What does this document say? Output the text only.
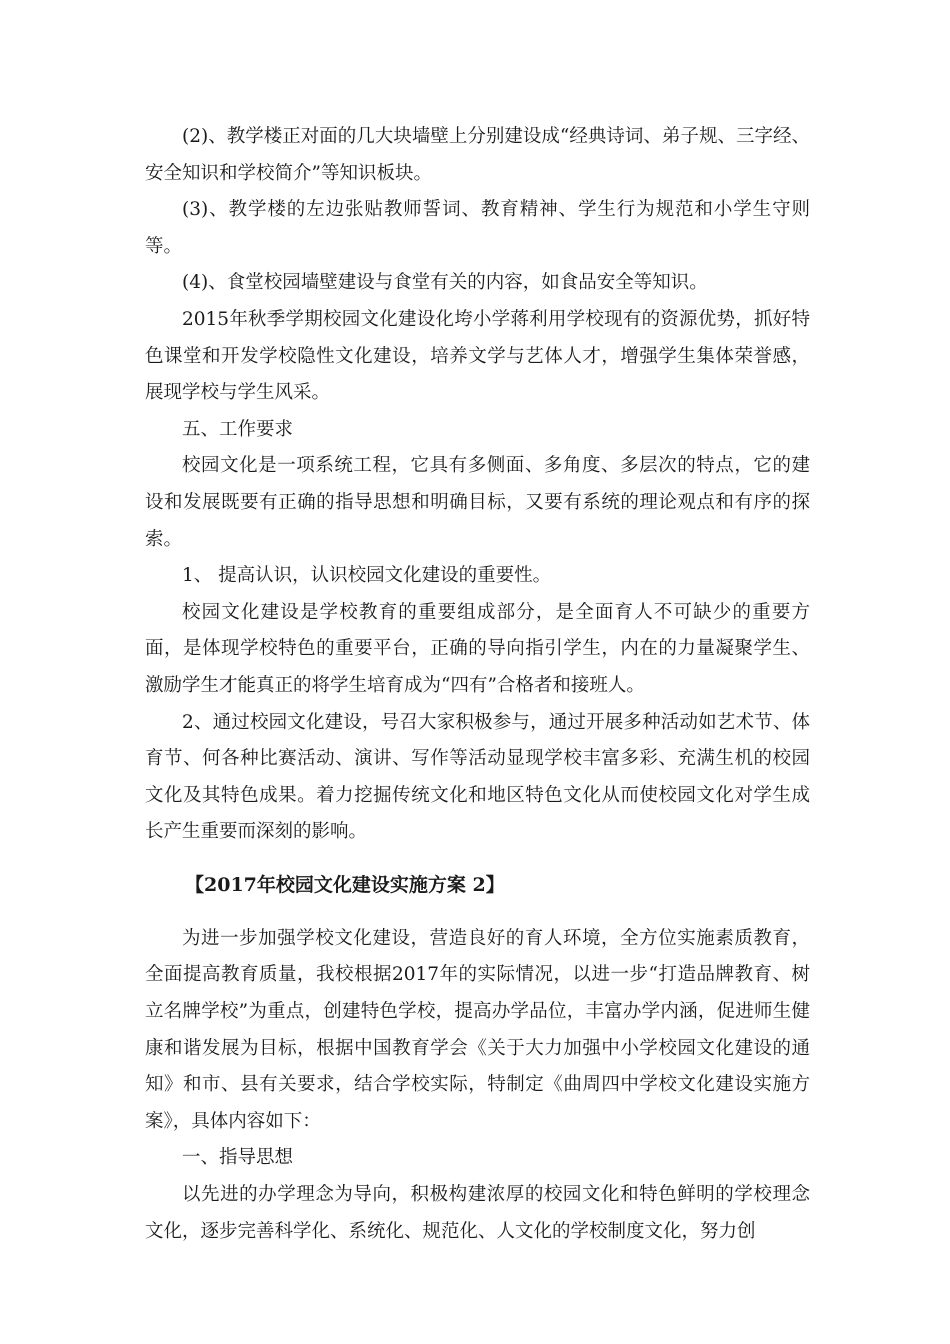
(2)、教学楼正对面的几大块墙壁上分别建设成“经典诗词、弟子规、三字经、安全知识和学校简介”等知识板块。

(3)、教学楼的左边张贴教师誓词、教育精神、学生行为规范和小学生守则等。

(4)、食堂校园墙壁建设与食堂有关的内容，如食品安全等知识。

2015年秋季学期校园文化建设化垮小学蒋利用学校现有的资源优势，抓好特色课堂和开发学校隐性文化建设，培养文学与艺体人才，增强学生集体荣誉感，展现学校与学生风采。

五、工作要求

校园文化是一项系统工程，它具有多侧面、多角度、多层次的特点，它的建设和发展既要有正确的指导思想和明确目标，又要有系统的理论观点和有序的探索。

1、 提高认识，认识校园文化建设的重要性。

校园文化建设是学校教育的重要组成部分，是全面育人不可缺少的重要方面，是体现学校特色的重要平台，正确的导向指引学生，内在的力量凝聚学生、激励学生才能真正的将学生培育成为“四有”合格者和接班人。

2、通过校园文化建设，号召大家积极参与，通过开展多种活动如艺术节、体育节、何各种比赛活动、演讲、写作等活动显现学校丰富多彩、充满生机的校园文化及其特色成果。着力挖掘传统文化和地区特色文化从而使校园文化对学生成长产生重要而深刻的影响。

【2017年校园文化建设实施方案 2】

为进一步加强学校文化建设，营造良好的育人环境，全方位实施素质教育，全面提高教育质量，我校根据2017年的实际情况，以进一步“打造品牌教育、树立名牌学校”为重点，创建特色学校，提高办学品位，丰富办学内涵，促进师生健康和谐发展为目标，根据中国教育学会《关于大力加强中小学校园文化建设的通知》和市、县有关要求，结合学校实际，特制定《曲周四中学校文化建设实施方案》，具体内容如下：

一、指导思想

以先进的办学理念为导向，积极构建浓厚的校园文化和特色鲜明的学校理念文化，逐步完善科学化、系统化、规范化、人文化的学校制度文化，努力创
